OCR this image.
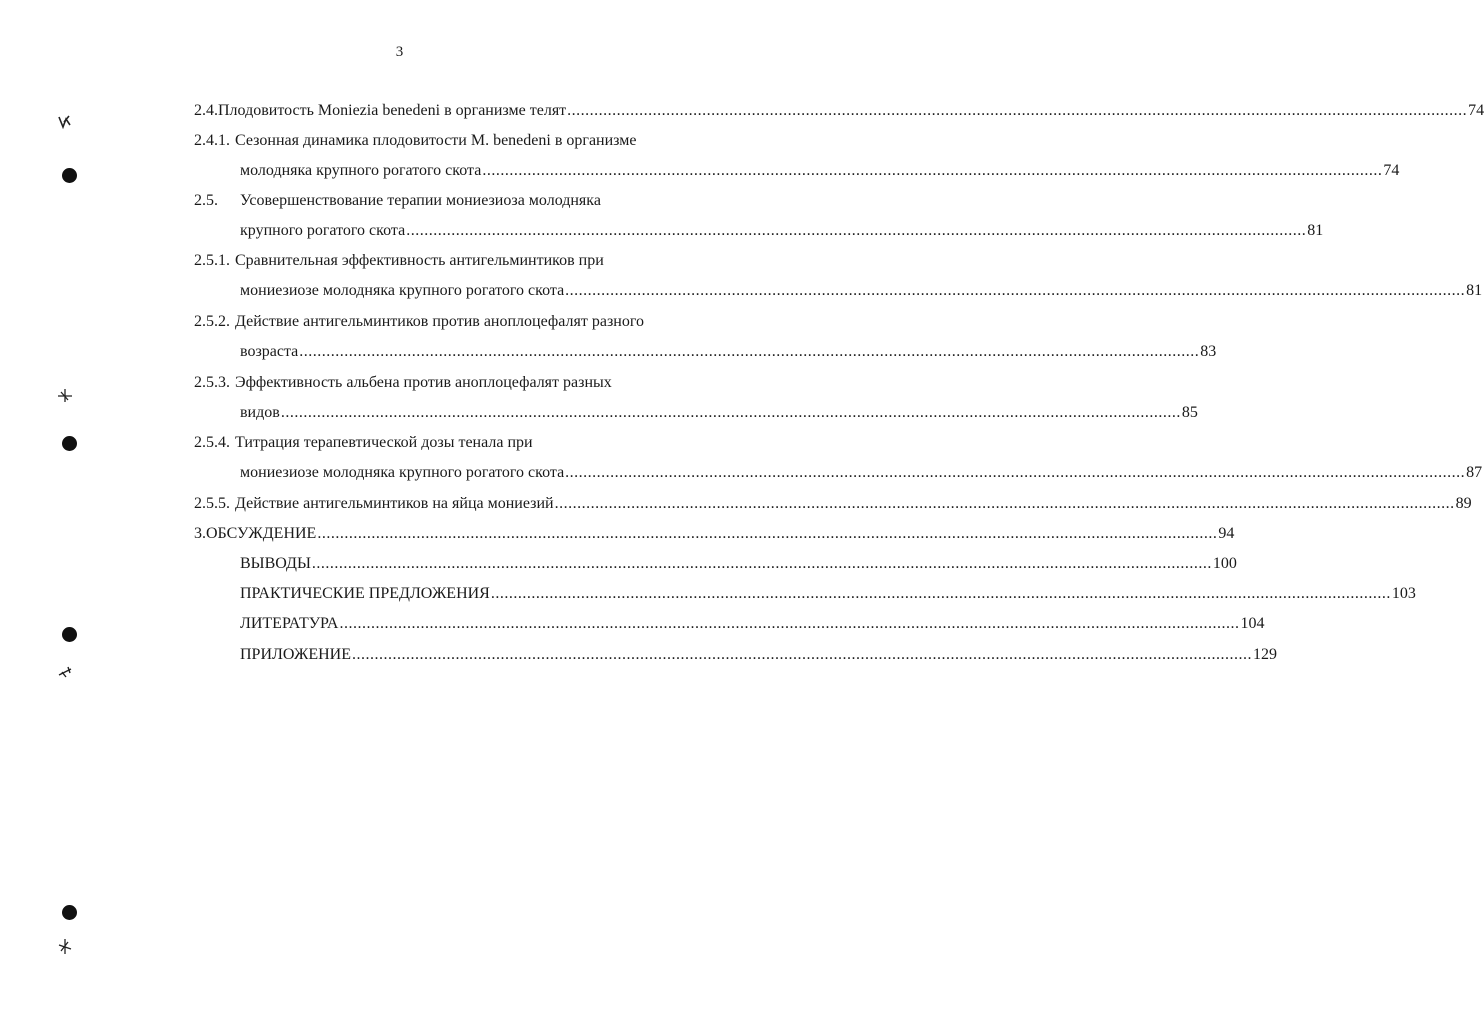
3
2.4. Плодовитость Moniezia benedeni в организме телят ........................................................................................................................................................................................................ 74
2.4.1. Сезонная динамика плодовитости M. benedeni в организме
молодняка крупного рогатого скота ........................................................................................................................................................................................................ 74
2.5.	Усовершенствование терапии мониезиоза молодняка
крупного рогатого скота ........................................................................................................................................................................................................ 81
2.5.1. Сравнительная эффективность антигельминтиков при
мониезиозе молодняка крупного рогатого скота ........................................................................................................................................................................................................ 81
2.5.2. Действие антигельминтиков против аноплоцефалят разного
возраста ........................................................................................................................................................................................................ 83
2.5.3. Эффективность альбена против аноплоцефалят разных
видов ........................................................................................................................................................................................................ 85
2.5.4. Титрация терапевтической дозы тенала при
мониезиозе молодняка крупного рогатого скота ........................................................................................................................................................................................................ 87
2.5.5. Действие антигельминтиков на яйца мониезий ........................................................................................................................................................................................................ 89
3. ОБСУЖДЕНИЕ ........................................................................................................................................................................................................ 94
ВЫВОДЫ ........................................................................................................................................................................................................ 100
ПРАКТИЧЕСКИЕ ПРЕДЛОЖЕНИЯ ........................................................................................................................................................................................................ 103
ЛИТЕРАТУРА ........................................................................................................................................................................................................ 104
ПРИЛОЖЕНИЕ ........................................................................................................................................................................................................ 129
